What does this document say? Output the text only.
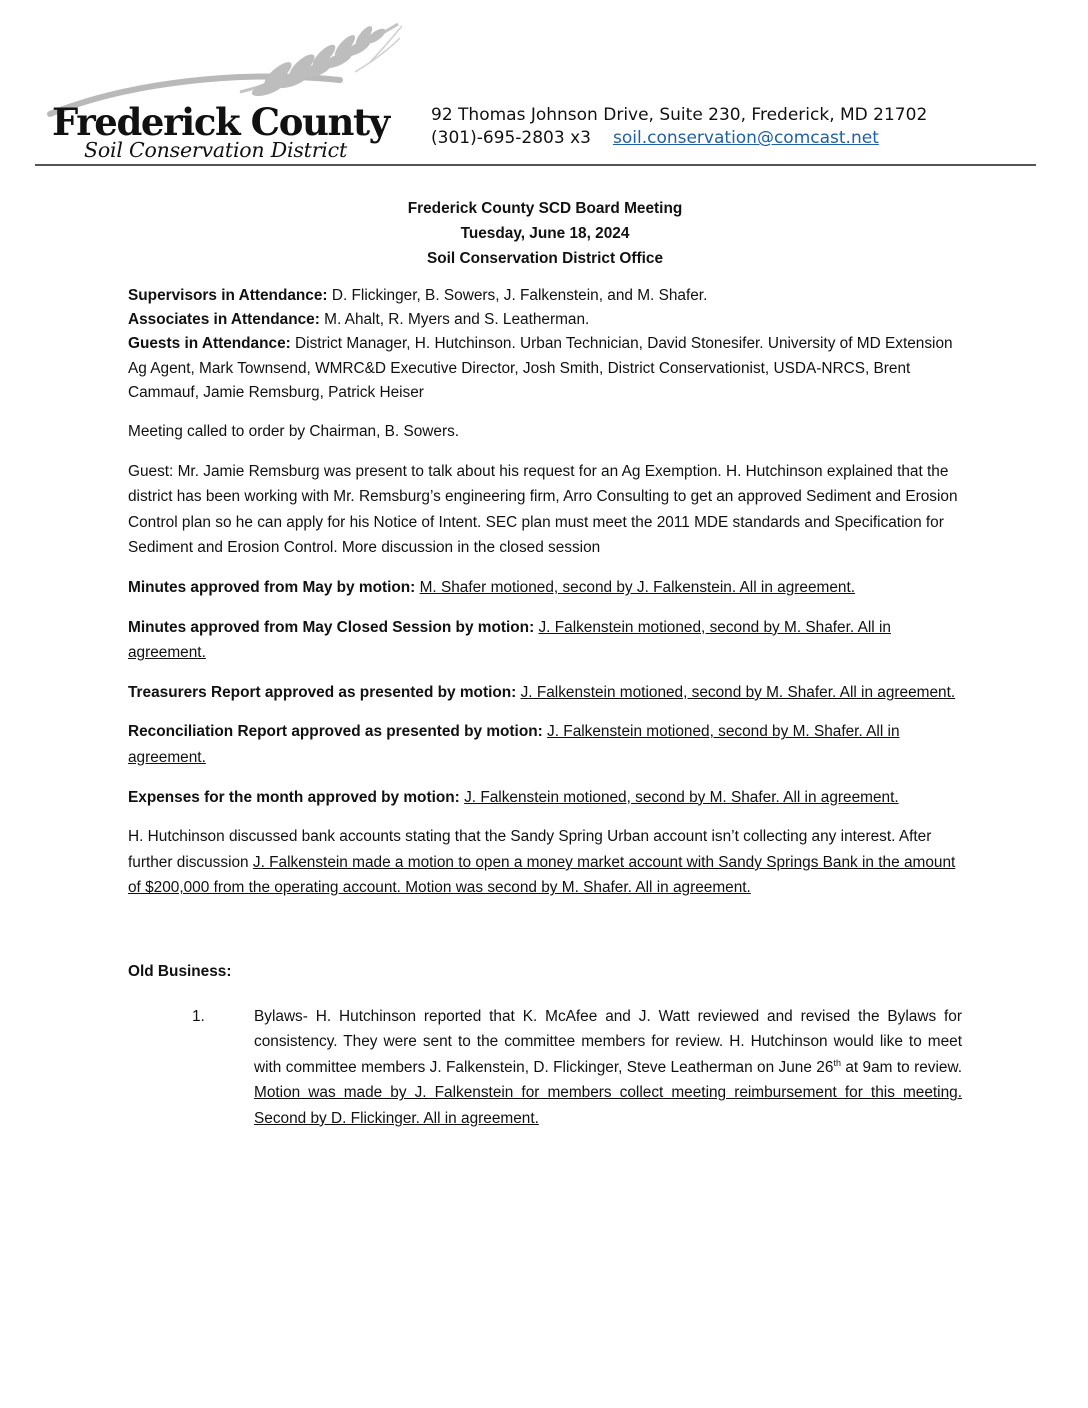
Frederick County
Soil Conservation District
92 Thomas Johnson Drive, Suite 230, Frederick, MD 21702
(301)-695-2803 x3 soil.conservation@comcast.net
Frederick County SCD Board Meeting
Tuesday, June 18, 2024
Soil Conservation District Office
Supervisors in Attendance: D. Flickinger, B. Sowers, J. Falkenstein, and M. Shafer.
Associates in Attendance: M. Ahalt, R. Myers and S. Leatherman.
Guests in Attendance: District Manager, H. Hutchinson. Urban Technician, David Stonesifer. University of MD Extension Ag Agent, Mark Townsend, WMRC&D Executive Director, Josh Smith, District Conservationist, USDA-NRCS, Brent Cammauf, Jamie Remsburg, Patrick Heiser

Meeting called to order by Chairman, B. Sowers.

Guest: Mr. Jamie Remsburg was present to talk about his request for an Ag Exemption. H. Hutchinson explained that the district has been working with Mr. Remsburg’s engineering firm, Arro Consulting to get an approved Sediment and Erosion Control plan so he can apply for his Notice of Intent. SEC plan must meet the 2011 MDE standards and Specification for Sediment and Erosion Control. More discussion in the closed session

Minutes approved from May by motion: M. Shafer motioned, second by J. Falkenstein. All in agreement.

Minutes approved from May Closed Session by motion: J. Falkenstein motioned, second by M. Shafer. All in agreement.

Treasurers Report approved as presented by motion: J. Falkenstein motioned, second by M. Shafer. All in agreement.

Reconciliation Report approved as presented by motion: J. Falkenstein motioned, second by M. Shafer. All in agreement.

Expenses for the month approved by motion: J. Falkenstein motioned, second by M. Shafer. All in agreement.

H. Hutchinson discussed bank accounts stating that the Sandy Spring Urban account isn’t collecting any interest. After further discussion J. Falkenstein made a motion to open a money market account with Sandy Springs Bank in the amount of $200,000 from the operating account. Motion was second by M. Shafer. All in agreement.

Old Business:
1.	Bylaws- H. Hutchinson reported that K. McAfee and J. Watt reviewed and revised the Bylaws for consistency. They were sent to the committee members for review. H. Hutchinson would like to meet with committee members J. Falkenstein, D. Flickinger, Steve Leatherman on June 26th at 9am to review. Motion was made by J. Falkenstein for members collect meeting reimbursement for this meeting. Second by D. Flickinger. All in agreement.
